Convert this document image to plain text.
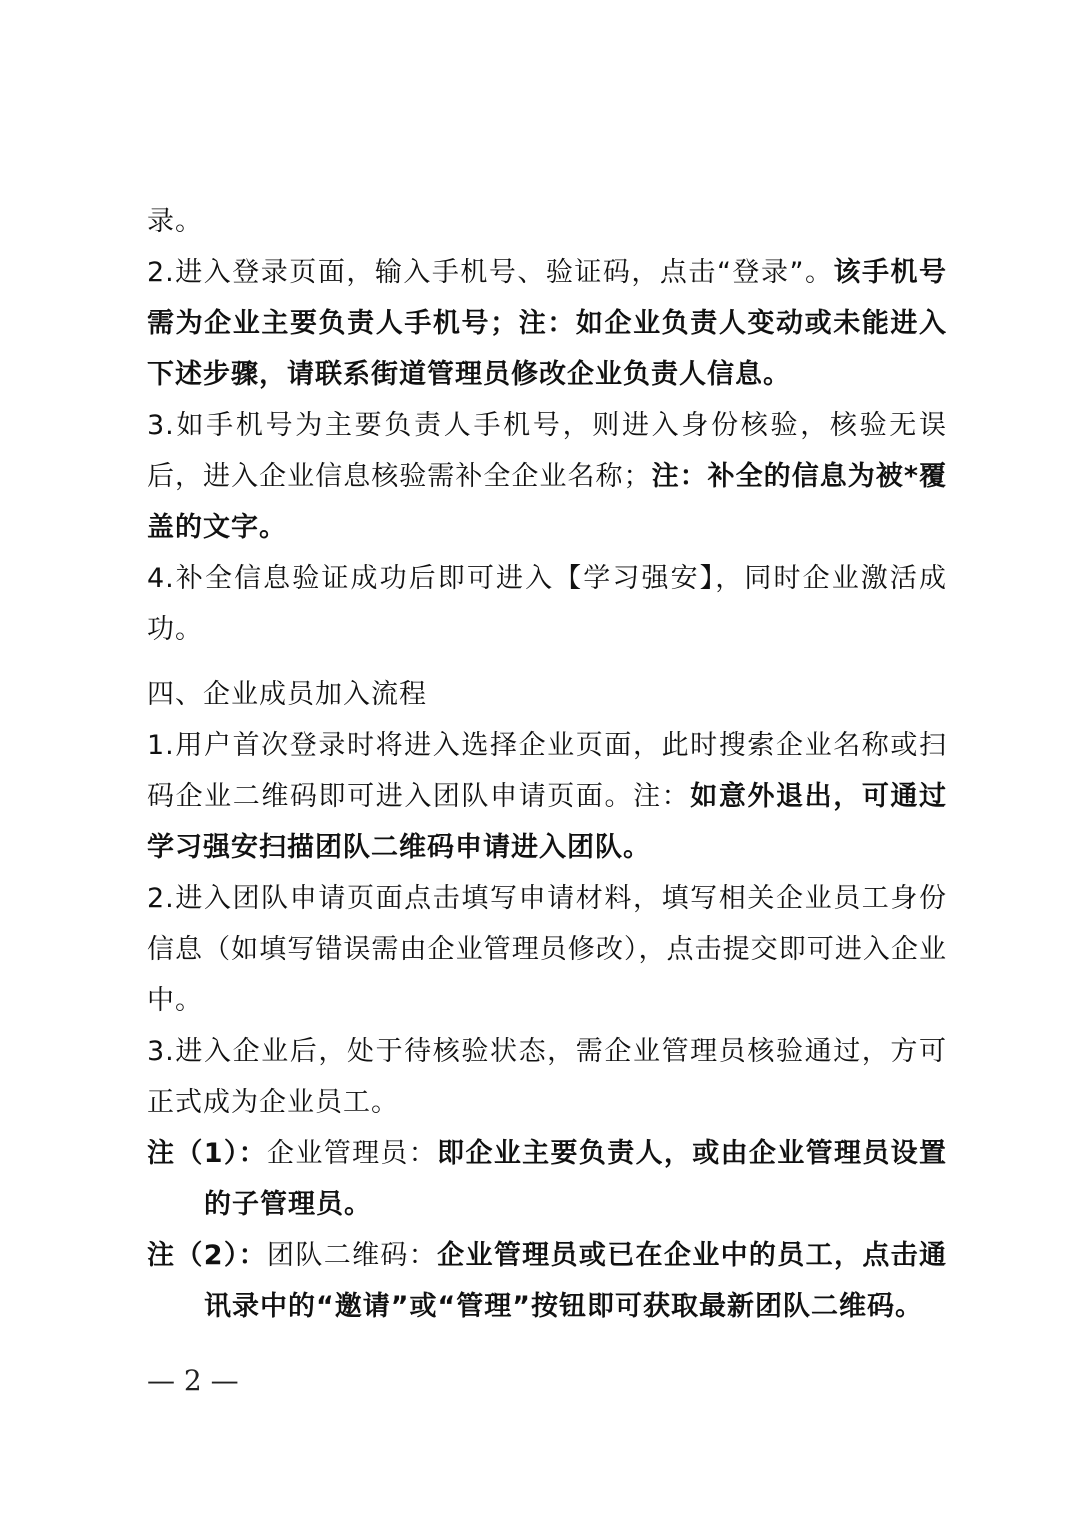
录。

2.进入登录页面，输入手机号、验证码，点击“登录”。该手机号需为企业主要负责人手机号；注：如企业负责人变动或未能进入下述步骤，请联系街道管理员修改企业负责人信息。

3.如手机号为主要负责人手机号，则进入身份核验，核验无误后，进入企业信息核验需补全企业名称；注：补全的信息为被*覆盖的文字。

4.补全信息验证成功后即可进入【学习强安】，同时企业激活成功。

四、企业成员加入流程

1.用户首次登录时将进入选择企业页面，此时搜索企业名称或扫码企业二维码即可进入团队申请页面。注：如意外退出，可通过学习强安扫描团队二维码申请进入团队。

2.进入团队申请页面点击填写申请材料，填写相关企业员工身份信息（如填写错误需由企业管理员修改），点击提交即可进入企业中。

3.进入企业后，处于待核验状态，需企业管理员核验通过，方可正式成为企业员工。

注（1）：企业管理员：即企业主要负责人，或由企业管理员设置的子管理员。

注（2）：团队二维码：企业管理员或已在企业中的员工，点击通讯录中的“邀请”或“管理”按钮即可获取最新团队二维码。

— 2 —
